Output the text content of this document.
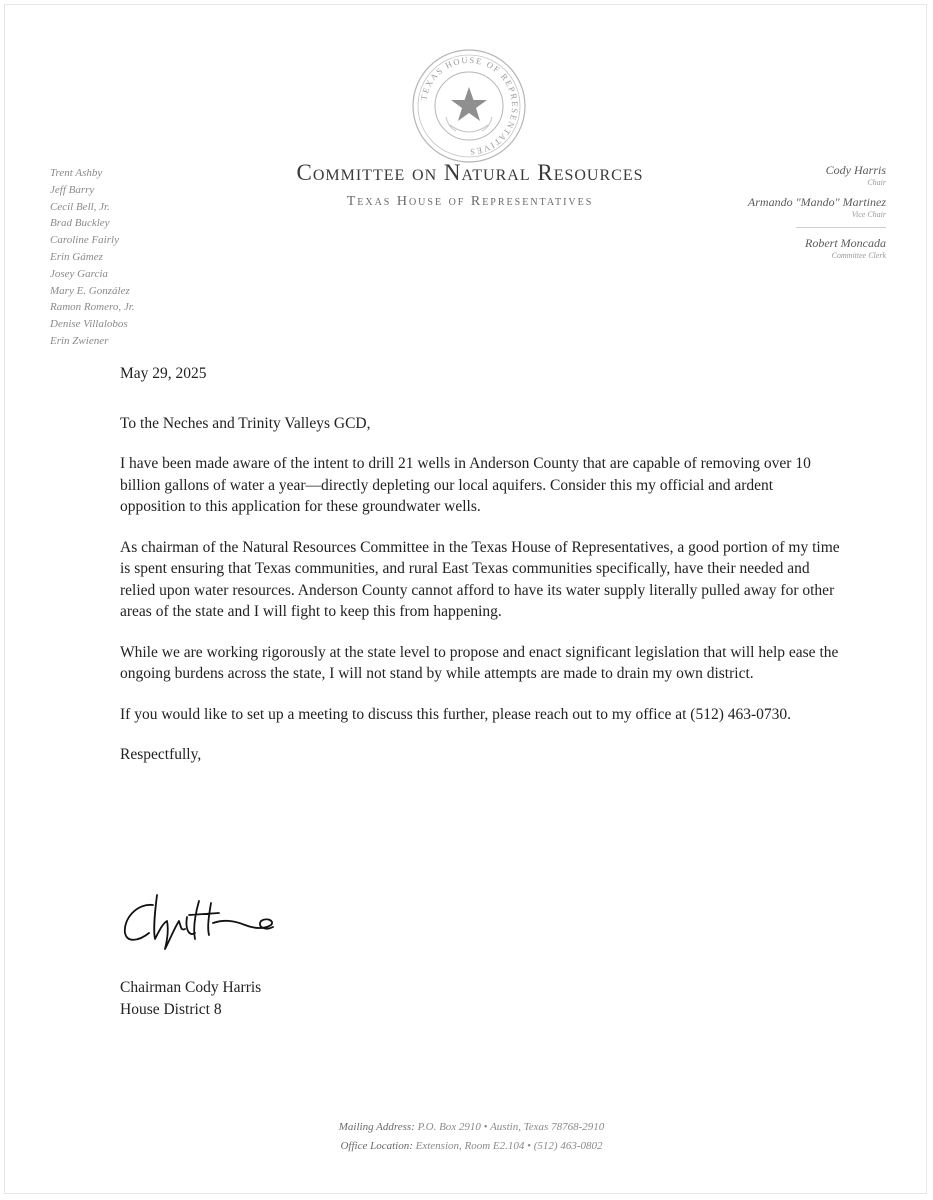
TEXAS HOUSE OF REPRESENTATIVES
Committee on Natural Resources
Texas House of Representatives
Trent Ashby
Jeff Barry
Cecil Bell, Jr.
Brad Buckley
Caroline Fairly
Erin Gámez
Josey Garcia
Mary E. González
Ramon Romero, Jr.
Denise Villalobos
Erin Zwiener
Cody Harris
Chair
Armando "Mando" Martinez
Vice Chair
Robert Moncada
Committee Clerk

May 29, 2025

To the Neches and Trinity Valleys GCD,

I have been made aware of the intent to drill 21 wells in Anderson County that are capable of removing over 10 billion gallons of water a year—directly depleting our local aquifers. Consider this my official and ardent opposition to this application for these groundwater wells.

As chairman of the Natural Resources Committee in the Texas House of Representatives, a good portion of my time is spent ensuring that Texas communities, and rural East Texas communities specifically, have their needed and relied upon water resources. Anderson County cannot afford to have its water supply literally pulled away for other areas of the state and I will fight to keep this from happening.

While we are working rigorously at the state level to propose and enact significant legislation that will help ease the ongoing burdens across the state, I will not stand by while attempts are made to drain my own district.

If you would like to set up a meeting to discuss this further, please reach out to my office at (512) 463-0730.

Respectfully,

Chairman Cody Harris
House District 8
Mailing Address: P.O. Box 2910 • Austin, Texas 78768-2910
Office Location: Extension, Room E2.104 • (512) 463-0802
